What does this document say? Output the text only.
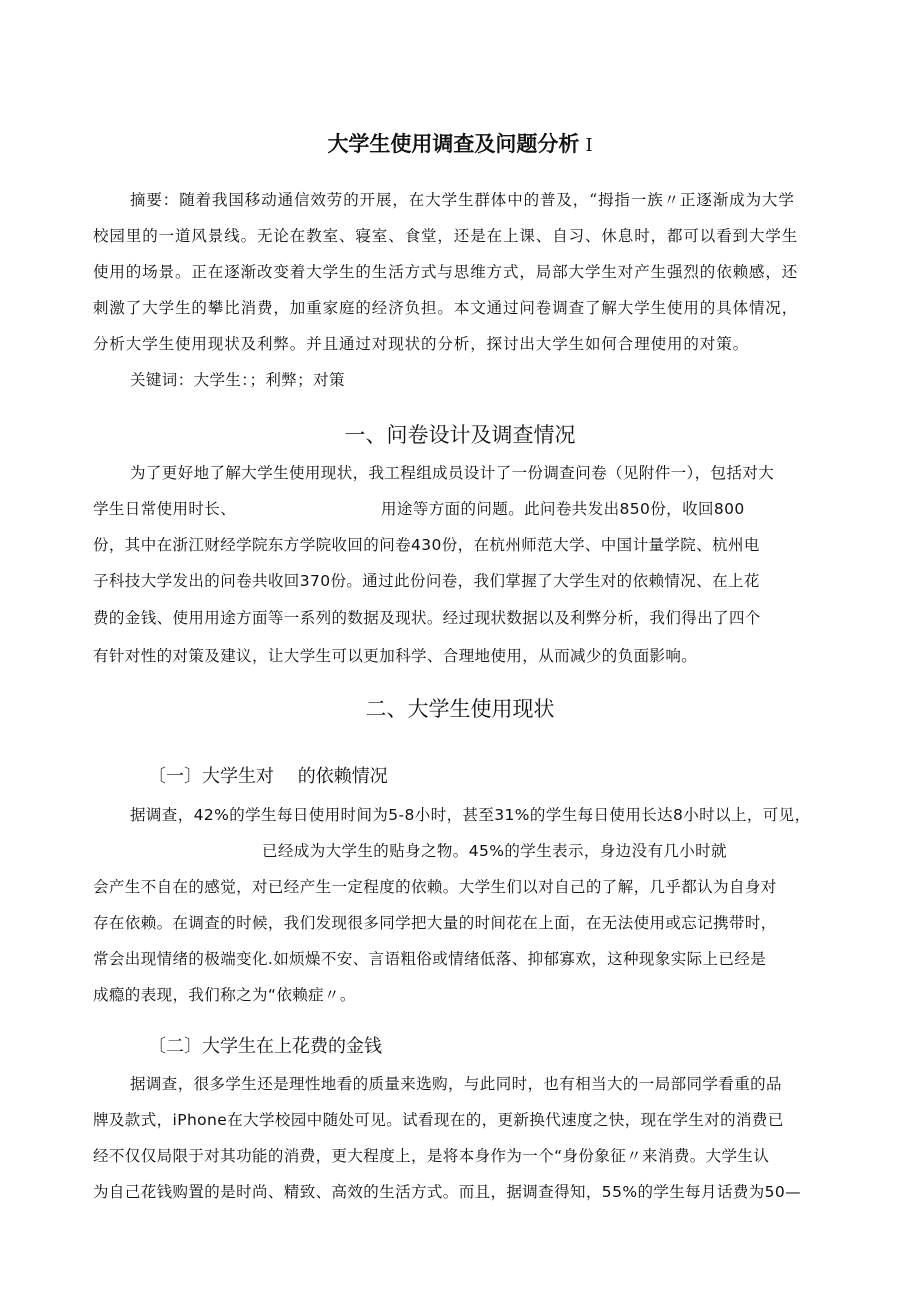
大学生使用调查及问题分析 I
摘要：随着我国移动通信效劳的开展，在大学生群体中的普及，“拇指一族〃正逐渐成为大学
校园里的一道风景线。无论在教室、寝室、食堂，还是在上课、自习、休息时，都可以看到大学生
使用的场景。正在逐渐改变着大学生的生活方式与思维方式，局部大学生对产生强烈的依赖感，还
刺激了大学生的攀比消费，加重家庭的经济负担。本文通过问卷调查了解大学生使用的具体情况，
分析大学生使用现状及利弊。并且通过对现状的分析，探讨出大学生如何合理使用的对策。
关键词：大学生：；利弊；对策
一、问卷设计及调查情况
为了更好地了解大学生使用现状，我工程组成员设计了一份调查问卷（见附件一），包括对大
学生日常使用时长、	用途等方面的问题。此问卷共发出850份，收回800
份，其中在浙江财经学院东方学院收回的问卷430份，在杭州师范大学、中国计量学院、杭州电
子科技大学发出的问卷共收回370份。通过此份问卷，我们掌握了大学生对的依赖情况、在上花
费的金钱、使用用途方面等一系列的数据及现状。经过现状数据以及利弊分析，我们得出了四个
有针对性的对策及建议，让大学生可以更加科学、合理地使用，从而减少的负面影响。
二、大学生使用现状
〔一〕大学生对　 的依赖情况
据调查，42%的学生每日使用时间为5-8小时，甚至31%的学生每日使用长达8小时以上，可见，
已经成为大学生的贴身之物。45%的学生表示，身边没有几小时就
会产生不自在的感觉，对已经产生一定程度的依赖。大学生们以对自己的了解，几乎都认为自身对
存在依赖。在调查的时候，我们发现很多同学把大量的时间花在上面，在无法使用或忘记携带时，
常会出现情绪的极端变化.如烦燥不安、言语粗俗或情绪低落、抑郁寡欢，这种现象实际上已经是
成瘾的表现，我们称之为“依赖症〃。
〔二〕大学生在上花费的金钱
据调查，很多学生还是理性地看的质量来选购，与此同时，也有相当大的一局部同学看重的品
牌及款式，iPhone在大学校园中随处可见。试看现在的，更新换代速度之快，现在学生对的消费已
经不仅仅局限于对其功能的消费，更大程度上，是将本身作为一个“身份象征〃来消费。大学生认
为自己花钱购置的是时尚、精致、高效的生活方式。而且，据调查得知，55%的学生每月话费为50—
